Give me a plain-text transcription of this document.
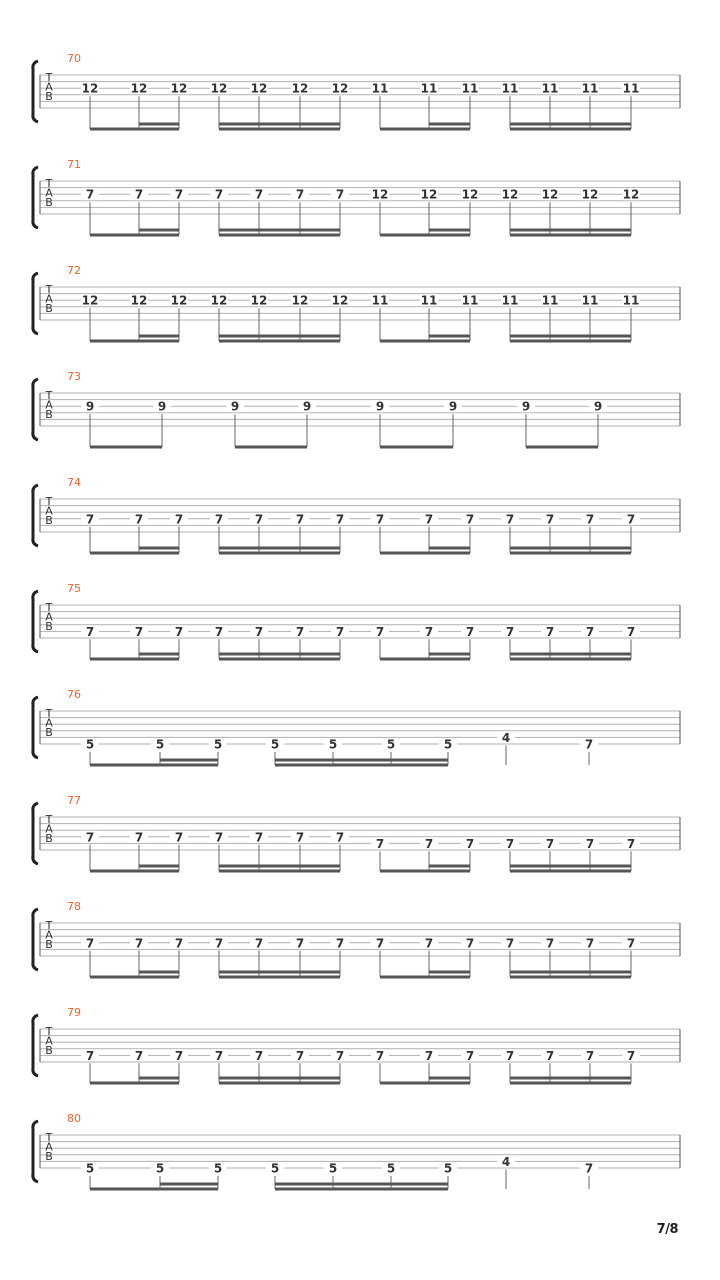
T
A
B
70
12	12 12 12 12 12 12 11	11 11 11 11 11 11
T
A
B
71
7	7	7	7	7	7	7 12	12 12 12 12 12 12
T
A
B
72
12	12 12 12 12 12 12 11	11 11 11 11 11 11
T
A
B
73
9	9	9	9	9	9	9	9
T
A
B
74
7	7	7	7	7	7	7	7	7	7	7	7	7	7
T
A
B
75
7	7	7	7	7	7	7	7	7	7	7	7	7	7
T
A
B
76
5	5	5	5	5	5	5	4	7
T
A
B
77
7	7	7	7	7	7	7	7	7	7	7	7	7	7
T
A
B
78
7	7	7	7	7	7	7	7	7	7	7	7	7	7
T
A
B
79
7	7	7	7	7	7	7	7	7	7	7	7	7	7
T
A
B
80
5	5	5	5	5	5	5	4	7
7/8
